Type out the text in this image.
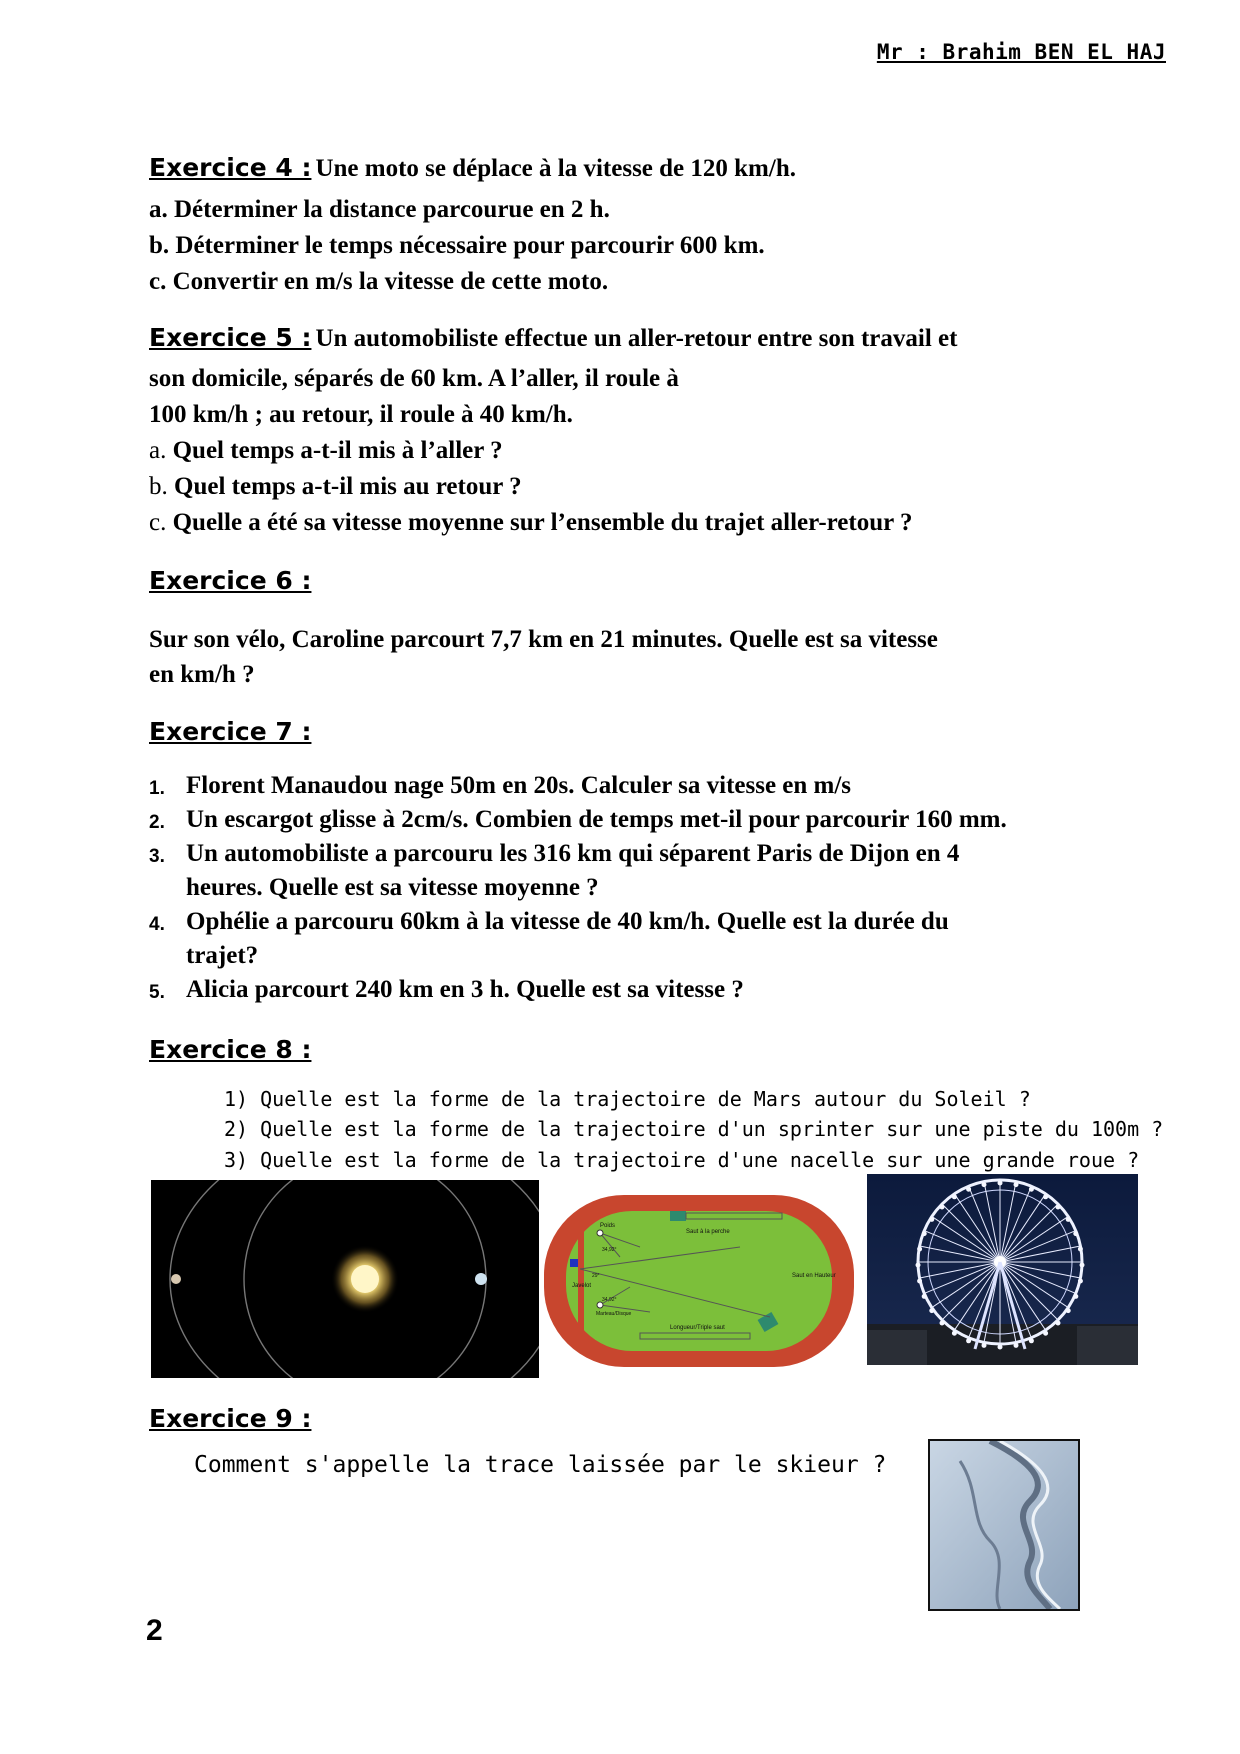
Mr : Brahim BEN EL HAJ
Exercice 4 : Une moto se déplace à la vitesse de 120 km/h.
a. Déterminer la distance parcourue en 2 h.
b. Déterminer le temps nécessaire pour parcourir 600 km.
c. Convertir en m/s la vitesse de cette moto.
Exercice 5 : Un automobiliste effectue un aller-retour entre son travail et
son domicile, séparés de 60 km. A l’aller, il roule à
100 km/h ; au retour, il roule à 40 km/h.
a. Quel temps a-t-il mis à l’aller ?
b. Quel temps a-t-il mis au retour ?
c. Quelle a été sa vitesse moyenne sur l’ensemble du trajet aller-retour ?
Exercice 6 :
Sur son vélo, Caroline parcourt 7,7 km en 21 minutes. Quelle est sa vitesse
en km/h ?
Exercice 7 :
1. Florent Manaudou nage 50m en 20s. Calculer sa vitesse en m/s
2. Un escargot glisse à 2cm/s. Combien de temps met-il pour parcourir 160 mm.
3. Un automobiliste a parcouru les 316 km qui séparent Paris de Dijon en 4
heures. Quelle est sa vitesse moyenne ?
4. Ophélie a parcouru 60km à la vitesse de 40 km/h. Quelle est la durée du
trajet?
5. Alicia parcourt 240 km en 3 h. Quelle est sa vitesse ?
Exercice 8 :
1) Quelle est la forme de la trajectoire de Mars autour du Soleil ?
2) Quelle est la forme de la trajectoire d'un sprinter sur une piste du 100m ?
3) Quelle est la forme de la trajectoire d'une nacelle sur une grande roue ?
Poids
Saut à la perche
34,92°
Javelot
29°
34,92°
Marteau/Disque
Longueur/Triple saut
Saut en Hauteur
Exercice 9 :
Comment s'appelle la trace laissée par le skieur ?
2
